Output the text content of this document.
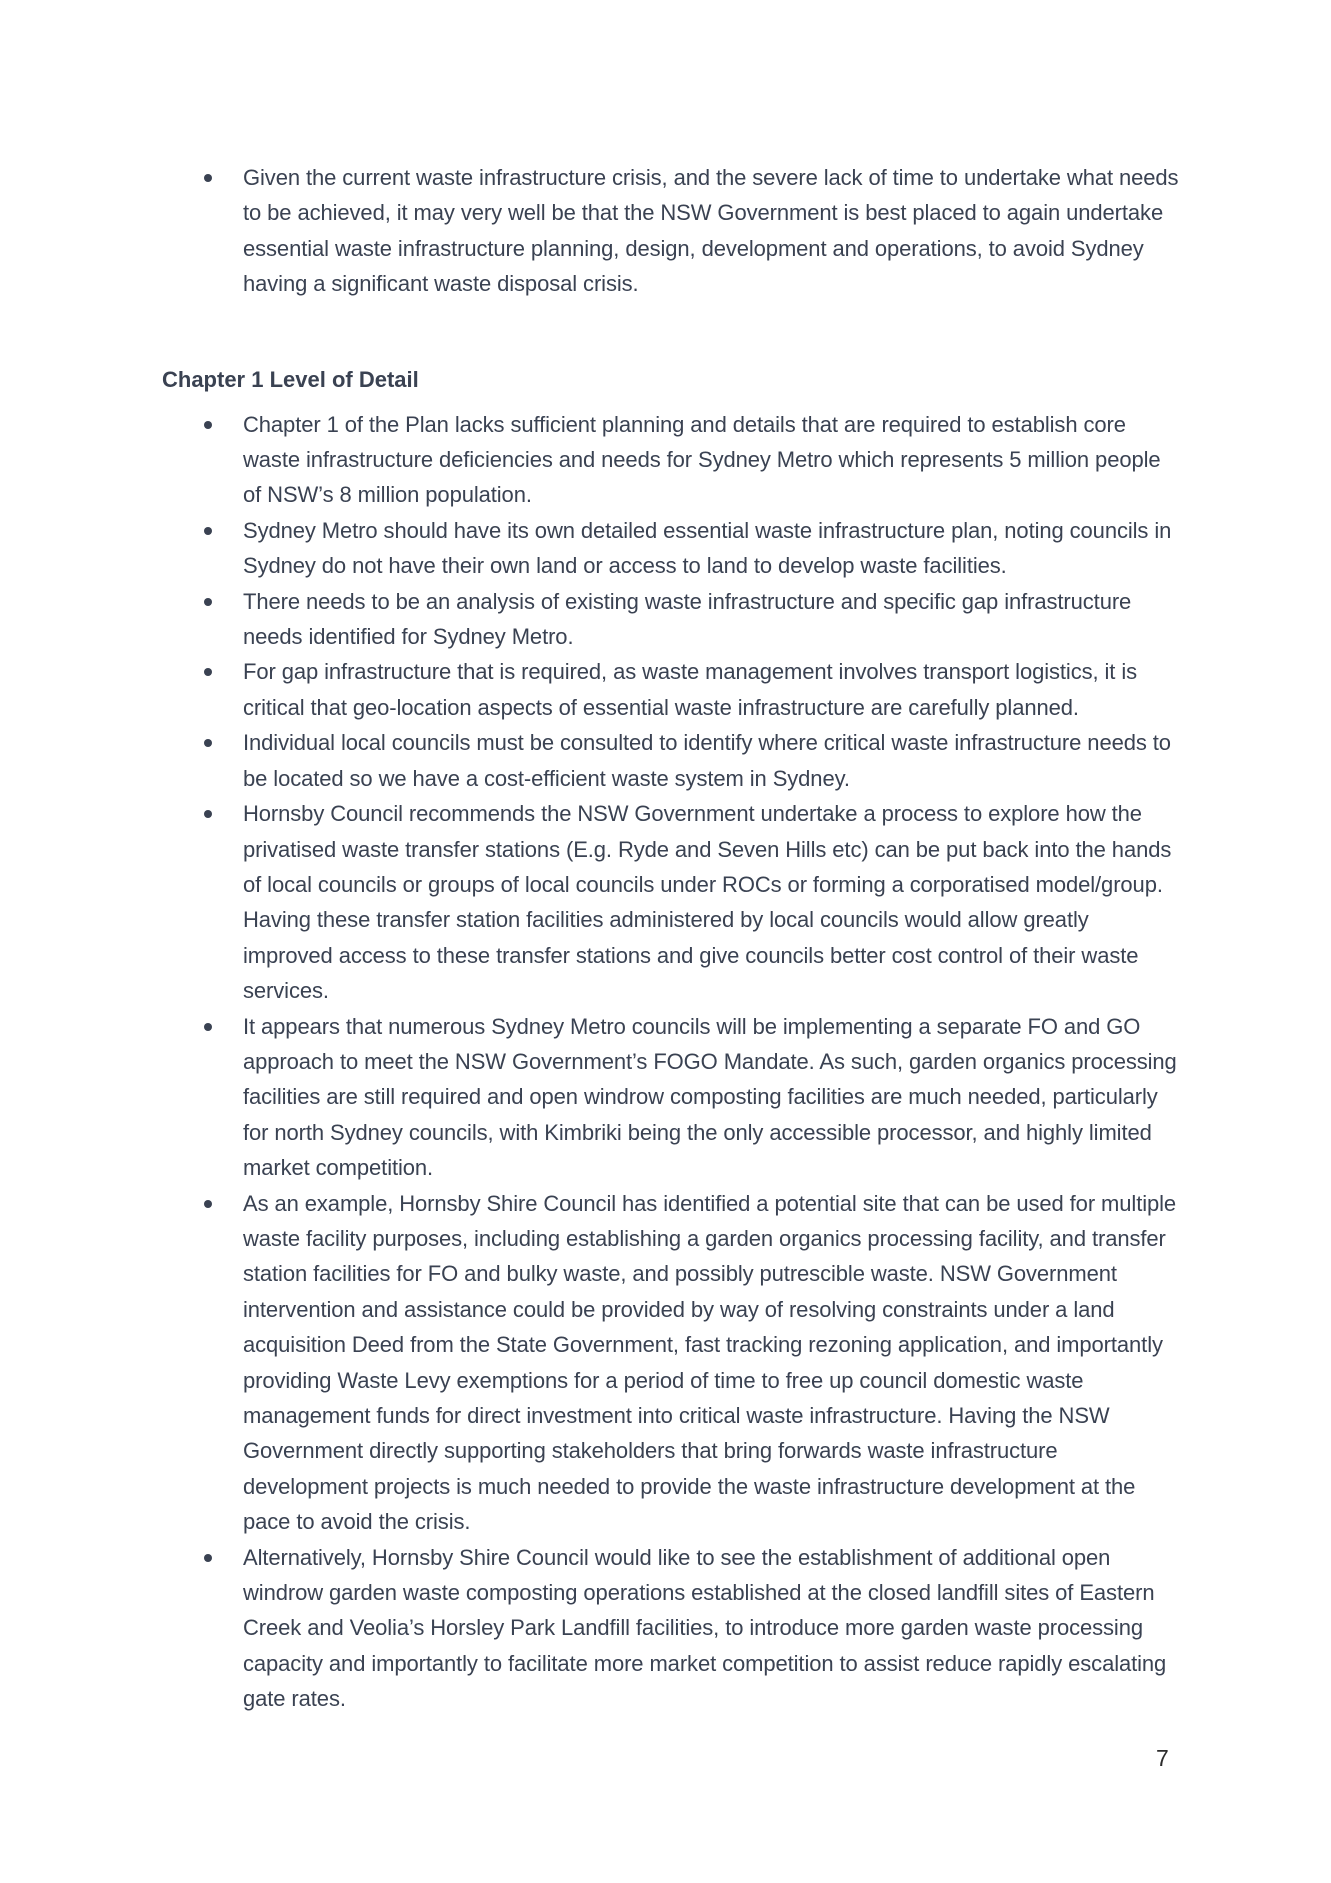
Given the current waste infrastructure crisis, and the severe lack of time to undertake what needs to be achieved, it may very well be that the NSW Government is best placed to again undertake essential waste infrastructure planning, design, development and operations, to avoid Sydney having a significant waste disposal crisis.
Chapter 1 Level of Detail
Chapter 1 of the Plan lacks sufficient planning and details that are required to establish core waste infrastructure deficiencies and needs for Sydney Metro which represents 5 million people of NSW’s 8 million population.
Sydney Metro should have its own detailed essential waste infrastructure plan, noting councils in Sydney do not have their own land or access to land to develop waste facilities.
There needs to be an analysis of existing waste infrastructure and specific gap infrastructure needs identified for Sydney Metro.
For gap infrastructure that is required, as waste management involves transport logistics, it is critical that geo-location aspects of essential waste infrastructure are carefully planned.
Individual local councils must be consulted to identify where critical waste infrastructure needs to be located so we have a cost-efficient waste system in Sydney.
Hornsby Council recommends the NSW Government undertake a process to explore how the privatised waste transfer stations (E.g. Ryde and Seven Hills etc) can be put back into the hands of local councils or groups of local councils under ROCs or forming a corporatised model/group. Having these transfer station facilities administered by local councils would allow greatly improved access to these transfer stations and give councils better cost control of their waste services.
It appears that numerous Sydney Metro councils will be implementing a separate FO and GO approach to meet the NSW Government’s FOGO Mandate. As such, garden organics processing facilities are still required and open windrow composting facilities are much needed, particularly for north Sydney councils, with Kimbriki being the only accessible processor, and highly limited market competition.
As an example, Hornsby Shire Council has identified a potential site that can be used for multiple waste facility purposes, including establishing a garden organics processing facility, and transfer station facilities for FO and bulky waste, and possibly putrescible waste. NSW Government intervention and assistance could be provided by way of resolving constraints under a land acquisition Deed from the State Government, fast tracking rezoning application, and importantly providing Waste Levy exemptions for a period of time to free up council domestic waste management funds for direct investment into critical waste infrastructure. Having the NSW Government directly supporting stakeholders that bring forwards waste infrastructure development projects is much needed to provide the waste infrastructure development at the pace to avoid the crisis.
Alternatively, Hornsby Shire Council would like to see the establishment of additional open windrow garden waste composting operations established at the closed landfill sites of Eastern Creek and Veolia’s Horsley Park Landfill facilities, to introduce more garden waste processing capacity and importantly to facilitate more market competition to assist reduce rapidly escalating gate rates.
7
